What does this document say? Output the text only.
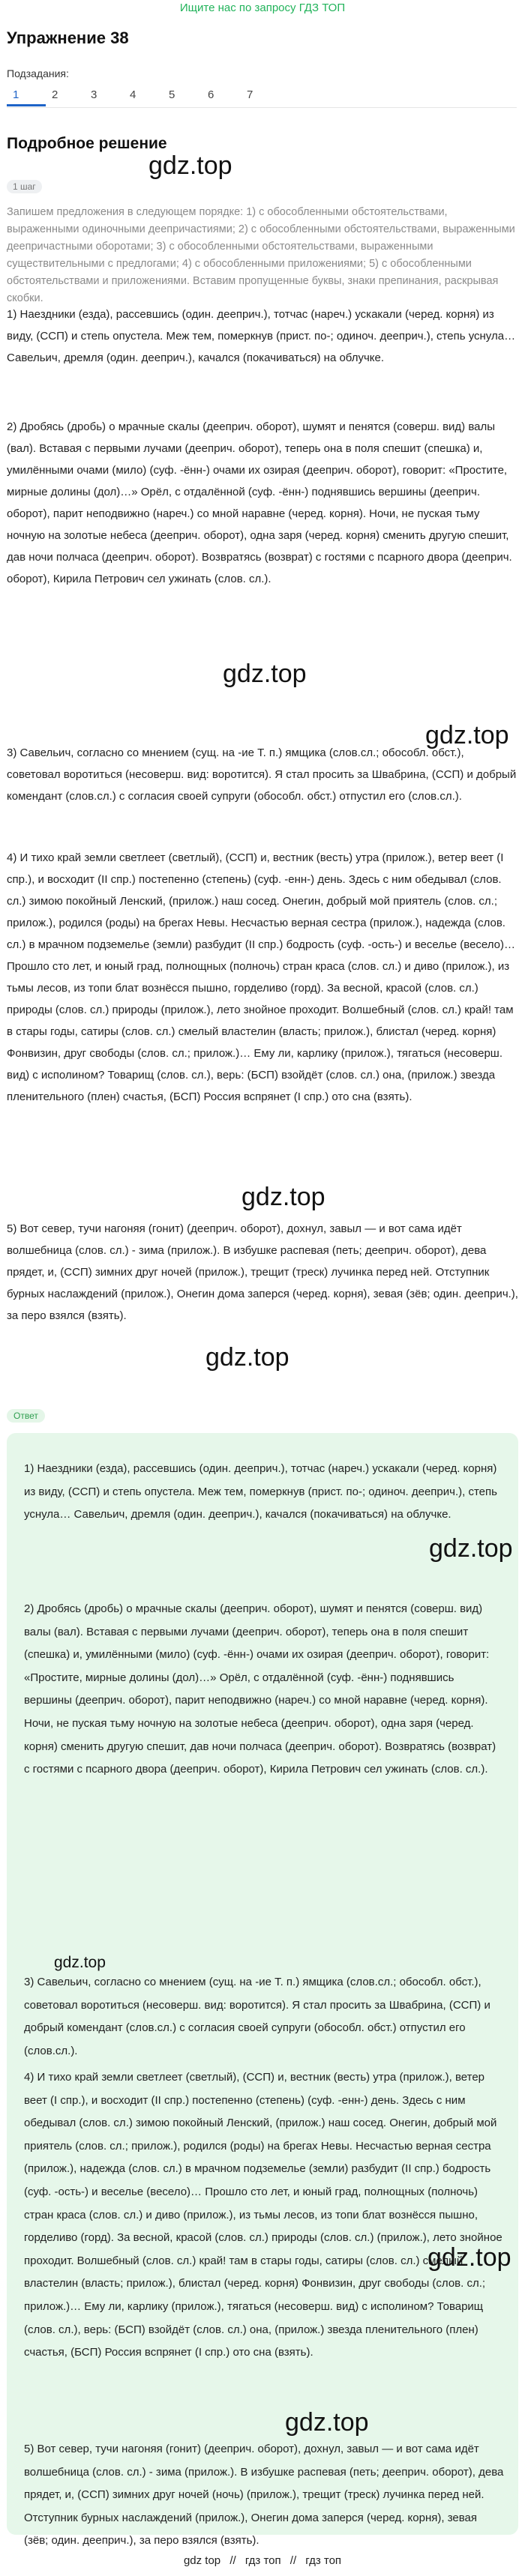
Ищите нас по запросу ГДЗ ТОП
Упражнение 38
Подзадания:
1	2	3	4	5	6	7
Подробное решение
gdz.top
1 шаг

Запишем предложения в следующем порядке: 1) с обособленными обстоятельствами, выраженными одиночными деепричастиями; 2) с обособленными обстоятельствами, выраженными деепричастными оборотами; 3) с обособленными обстоятельствами, выраженными существительными с предлогами; 4) с обособленными приложениями; 5) с обособленными обстоятельствами и приложениями. Вставим пропущенные буквы, знаки препинания, раскрывая скобки.

1) Наездники (езда), рассевшись (один. дееприч.), тотчас (нареч.) ускакали (черед. корня) из виду, (ССП) и степь опустела. Меж тем, померкнув (прист. по-; одиноч. дееприч.), степь уснула… Савельич, дремля (один. дееприч.), качался (покачиваться) на облучке.

2) Дробясь (дробь) о мрачные скалы (дееприч. оборот), шумят и пенятся (соверш. вид) валы (вал). Вставая с первыми лучами (дееприч. оборот), теперь она в поля спешит (спешка) и, умилёнными очами (мило) (суф. -ённ-) очами их озирая (дееприч. оборот), говорит: «Простите, мирные долины (дол)…» Орёл, с отдалённой (суф. -ённ-) поднявшись вершины (дееприч. оборот), парит неподвижно (нареч.) со мной наравне (черед. корня). Ночи, не пуская тьму ночную на золотые небеса (дееприч. оборот), одна заря (черед. корня) сменить другую спешит, дав ночи полчаса (дееприч. оборот). Возвратясь (возврат) с гостями с псарного двора (дееприч. оборот), Кирила Петрович сел ужинать (слов. сл.).

gdz.top

3) Савельич, согласно со мнением (сущ. на -ие Т. п.) ямщика (слов.сл.; обособл. обст.), советовал воротиться (несоверш. вид: воротится). Я стал просить за Швабрина, (ССП) и добрый комендант (слов.сл.) с согласия своей супруги (обособл. обст.) отпустил его (слов.сл.).

gdz.top

4) И тихо край земли светлеет (светлый), (ССП) и, вестник (весть) утра (прилож.), ветер веет (I спр.), и восходит (II спр.) постепенно (степень) (суф. -енн-) день. Здесь с ним обедывал (слов. сл.) зимою покойный Ленский, (прилож.) наш сосед. Онегин, добрый мой приятель (слов. сл.; прилож.), родился (роды) на брегах Невы. Несчастью верная сестра (прилож.), надежда (слов. сл.) в мрачном подземелье (земли) разбудит (II спр.) бодрость (суф. -ость-) и веселье (весело)… Прошло сто лет, и юный град, полнощных (полночь) стран краса (слов. сл.) и диво (прилож.), из тьмы лесов, из топи блат вознёсся пышно, горделиво (горд). За весной, красой (слов. сл.) природы (слов. сл.) природы (прилож.), лето знойное проходит. Волшебный (слов. сл.) край! там в стары годы, сатиры (слов. сл.) смелый властелин (власть; прилож.), блистал (черед. корня) Фонвизин, друг свободы (слов. сл.; прилож.)… Ему ли, карлику (прилож.), тягаться (несоверш. вид) с исполином? Товарищ (слов. сл.), верь: (БСП) взойдёт (слов. сл.) она, (прилож.) звезда пленительного (плен) счастья, (БСП) Россия вспрянет (I спр.) ото сна (взять).

gdz.top

5) Вот север, тучи нагоняя (гонит) (дееприч. оборот), дохнул, завыл — и вот сама идёт волшебница (слов. сл.) - зима (прилож.). В избушке распевая (петь; дееприч. оборот), дева прядет, и, (ССП) зимних друг ночей (прилож.), трещит (треск) лучинка перед ней. Отступник бурных наслаждений (прилож.), Онегин дома заперся (черед. корня), зевая (зёв; один. дееприч.), за перо взялся (взять).

gdz.top
Ответ

1) Наездники (езда), рассевшись (один. дееприч.), тотчас (нареч.) ускакали (черед. корня) из виду, (ССП) и степь опустела. Меж тем, померкнув (прист. по-; одиноч. дееприч.), степь уснула… Савельич, дремля (один. дееприч.), качался (покачиваться) на облучке.

gdz.top

2) Дробясь (дробь) о мрачные скалы (дееприч. оборот), шумят и пенятся (соверш. вид) валы (вал). Вставая с первыми лучами (дееприч. оборот), теперь она в поля спешит (спешка) и, умилёнными (мило) (суф. -ённ-) очами их озирая (дееприч. оборот), говорит: «Простите, мирные долины (дол)…» Орёл, с отдалённой (суф. -ённ-) поднявшись вершины (дееприч. оборот), парит неподвижно (нареч.) со мной наравне (черед. корня). Ночи, не пуская тьму ночную на золотые небеса (дееприч. оборот), одна заря (черед. корня) сменить другую спешит, дав ночи полчаса (дееприч. оборот). Возвратясь (возврат) с гостями с псарного двора (дееприч. оборот), Кирила Петрович сел ужинать (слов. сл.).

gdz.top

3) Савельич, согласно со мнением (сущ. на -ие Т. п.) ямщика (слов.сл.; обособл. обст.), советовал воротиться (несоверш. вид: воротится). Я стал просить за Швабрина, (ССП) и добрый комендант (слов.сл.) с согласия своей супруги (обособл. обст.) отпустил его (слов.сл.).

4) И тихо край земли светлеет (светлый), (ССП) и, вестник (весть) утра (прилож.), ветер веет (I спр.), и восходит (II спр.) постепенно (степень) (суф. -енн-) день. Здесь с ним обедывал (слов. сл.) зимою покойный Ленский, (прилож.) наш сосед. Онегин, добрый мой приятель (слов. сл.; прилож.), родился (роды) на брегах Невы. Несчастью верная сестра (прилож.), надежда (слов. сл.) в мрачном подземелье (земли) разбудит (II спр.) бодрость (суф. -ость-) и веселье (весело)… Прошло сто лет, и юный град, полнощных (полночь) стран краса (слов. сл.) и диво (прилож.), из тьмы лесов, из топи блат вознёсся пышно, горделиво (горд). За весной, красой (слов. сл.) природы (слов. сл.) (прилож.), лето знойное проходит. Волшебный (слов. сл.) край! там в стары годы, сатиры (слов. сл.) смелый властелин (власть; прилож.), блистал (черед. корня) Фонвизин, друг свободы (слов. сл.; прилож.)… Ему ли, карлику (прилож.), тягаться (несоверш. вид) с исполином? Товарищ (слов. сл.), верь: (БСП) взойдёт (слов. сл.) она, (прилож.) звезда пленительного (плен) счастья, (БСП) Россия вспрянет (I спр.) ото сна (взять).

gdz.top
gdz.top

5) Вот север, тучи нагоняя (гонит) (дееприч. оборот), дохнул, завыл — и вот сама идёт волшебница (слов. сл.) - зима (прилож.). В избушке распевая (петь; дееприч. оборот), дева прядет, и, (ССП) зимних друг ночей (ночь) (прилож.), трещит (треск) лучинка перед ней. Отступник бурных наслаждений (прилож.), Онегин дома заперся (черед. корня), зевая (зёв; один. дееприч.), за перо взялся (взять).

gdz top // гдз топ // гдз топ
